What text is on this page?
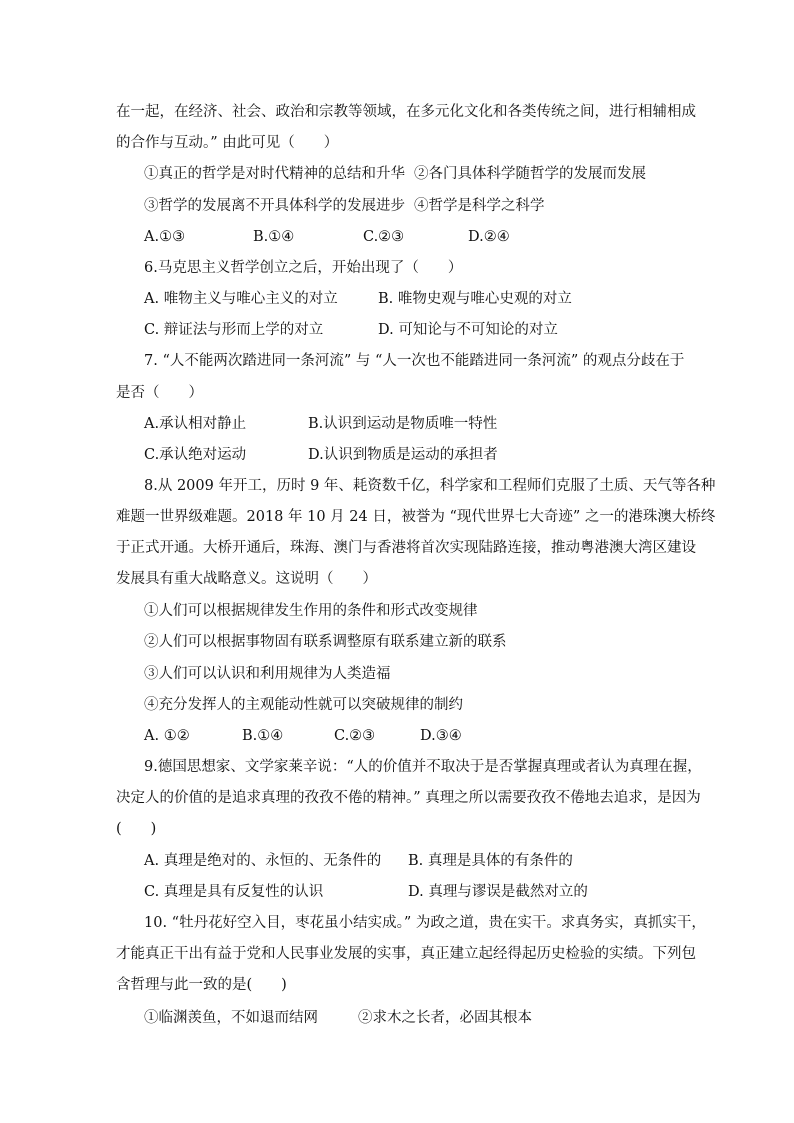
在一起，在经济、社会、政治和宗教等领域，在多元化文化和各类传统之间，进行相辅相成
的合作与互动。” 由此可见（　　）
①真正的哲学是对时代精神的总结和升华 ②各门具体科学随哲学的发展而发展
③哲学的发展离不开具体科学的发展进步 ④哲学是科学之科学
A.①③	B.①④	C.②③	D.②④
6.马克思主义哲学创立之后，开始出现了（　　）
A. 唯物主义与唯心主义的对立	B. 唯物史观与唯心史观的对立
C. 辩证法与形而上学的对立	D. 可知论与不可知论的对立
7. “人不能两次踏进同一条河流” 与 “人一次也不能踏进同一条河流” 的观点分歧在于
是否（　　）
A.承认相对静止	B.认识到运动是物质唯一特性
C.承认绝对运动	D.认识到物质是运动的承担者
8.从 2009 年开工，历时 9 年、耗资数千亿，科学家和工程师们克服了土质、天气等各种
难题一世界级难题。2018 年 10 月 24 日，被誉为 “现代世界七大奇迹” 之一的港珠澳大桥终
于正式开通。大桥开通后，珠海、澳门与香港将首次实现陆路连接，推动粤港澳大湾区建设
发展具有重大战略意义。这说明（　　）
①人们可以根据规律发生作用的条件和形式改变规律
②人们可以根据事物固有联系调整原有联系建立新的联系
③人们可以认识和利用规律为人类造福
④充分发挥人的主观能动性就可以突破规律的制约
A. ①②	B.①④	C.②③	D.③④
9.德国思想家、文学家莱辛说：“人的价值并不取决于是否掌握真理或者认为真理在握，
决定人的价值的是追求真理的孜孜不倦的精神。” 真理之所以需要孜孜不倦地去追求，是因为
(　　)
A. 真理是绝对的、永恒的、无条件的 B. 真理是具体的有条件的
C. 真理是具有反复性的认识	D. 真理与谬误是截然对立的
10. “牡丹花好空入目，枣花虽小结实成。” 为政之道，贵在实干。求真务实，真抓实干，
才能真正干出有益于党和人民事业发展的实事，真正建立起经得起历史检验的实绩。下列包
含哲理与此一致的是(　　)
①临渊羡鱼，不如退而结网	②求木之长者，必固其根本
